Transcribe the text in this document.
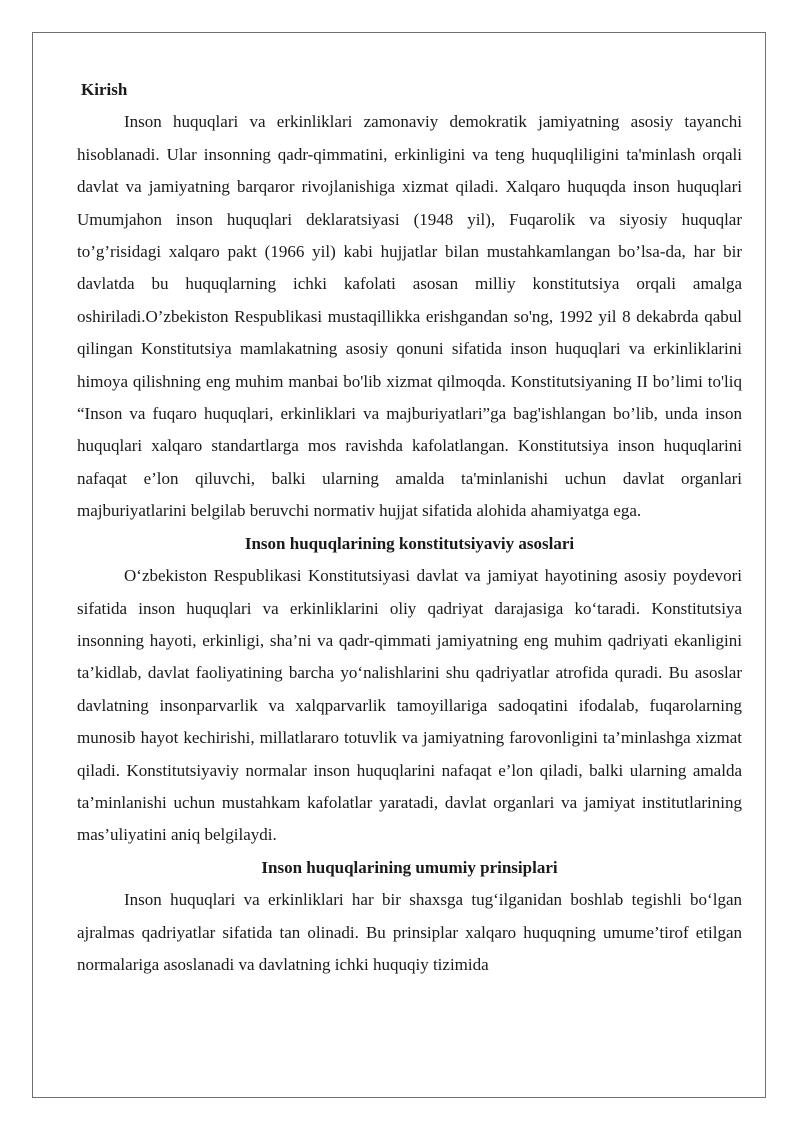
Kirish

Inson huquqlari va erkinliklari zamonaviy demokratik jamiyatning asosiy tayanchi hisoblanadi. Ular insonning qadr-qimmatini, erkinligini va teng huquqliligini ta'minlash orqali davlat va jamiyatning barqaror rivojlanishiga xizmat qiladi. Xalqaro huquqda inson huquqlari Umumjahon inson huquqlari deklaratsiyasi (1948 yil), Fuqarolik va siyosiy huquqlar to’g’risidagi xalqaro pakt (1966 yil) kabi hujjatlar bilan mustahkamlangan bo’lsa-da, har bir davlatda bu huquqlarning ichki kafolati asosan milliy konstitutsiya orqali amalga oshiriladi.O’zbekiston Respublikasi mustaqillikka erishgandan so'ng, 1992 yil 8 dekabrda qabul qilingan Konstitutsiya mamlakatning asosiy qonuni sifatida inson huquqlari va erkinliklarini himoya qilishning eng muhim manbai bo'lib xizmat qilmoqda. Konstitutsiyaning II bo’limi to'liq “Inson va fuqaro huquqlari, erkinliklari va majburiyatlari”ga bag'ishlangan bo’lib, unda inson huquqlari xalqaro standartlarga mos ravishda kafolatlangan. Konstitutsiya inson huquqlarini nafaqat e’lon qiluvchi, balki ularning amalda ta'minlanishi uchun davlat organlari majburiyatlarini belgilab beruvchi normativ hujjat sifatida alohida ahamiyatga ega.

Inson huquqlarining konstitutsiyaviy asoslari

O‘zbekiston Respublikasi Konstitutsiyasi davlat va jamiyat hayotining asosiy poydevori sifatida inson huquqlari va erkinliklarini oliy qadriyat darajasiga ko‘taradi. Konstitutsiya insonning hayoti, erkinligi, sha’ni va qadr-qimmati jamiyatning eng muhim qadriyati ekanligini ta’kidlab, davlat faoliyatining barcha yo‘nalishlarini shu qadriyatlar atrofida quradi. Bu asoslar davlatning insonparvarlik va xalqparvarlik tamoyillariga sadoqatini ifodalab, fuqarolarning munosib hayot kechirishi, millatlararo totuvlik va jamiyatning farovonligini ta’minlashga xizmat qiladi. Konstitutsiyaviy normalar inson huquqlarini nafaqat e’lon qiladi, balki ularning amalda ta’minlanishi uchun mustahkam kafolatlar yaratadi, davlat organlari va jamiyat institutlarining mas’uliyatini aniq belgilaydi.

Inson huquqlarining umumiy prinsiplari

Inson huquqlari va erkinliklari har bir shaxsga tug‘ilganidan boshlab tegishli bo‘lgan ajralmas qadriyatlar sifatida tan olinadi. Bu prinsiplar xalqaro huquqning umume’tirof etilgan normalariga asoslanadi va davlatning ichki huquqiy tizimida
